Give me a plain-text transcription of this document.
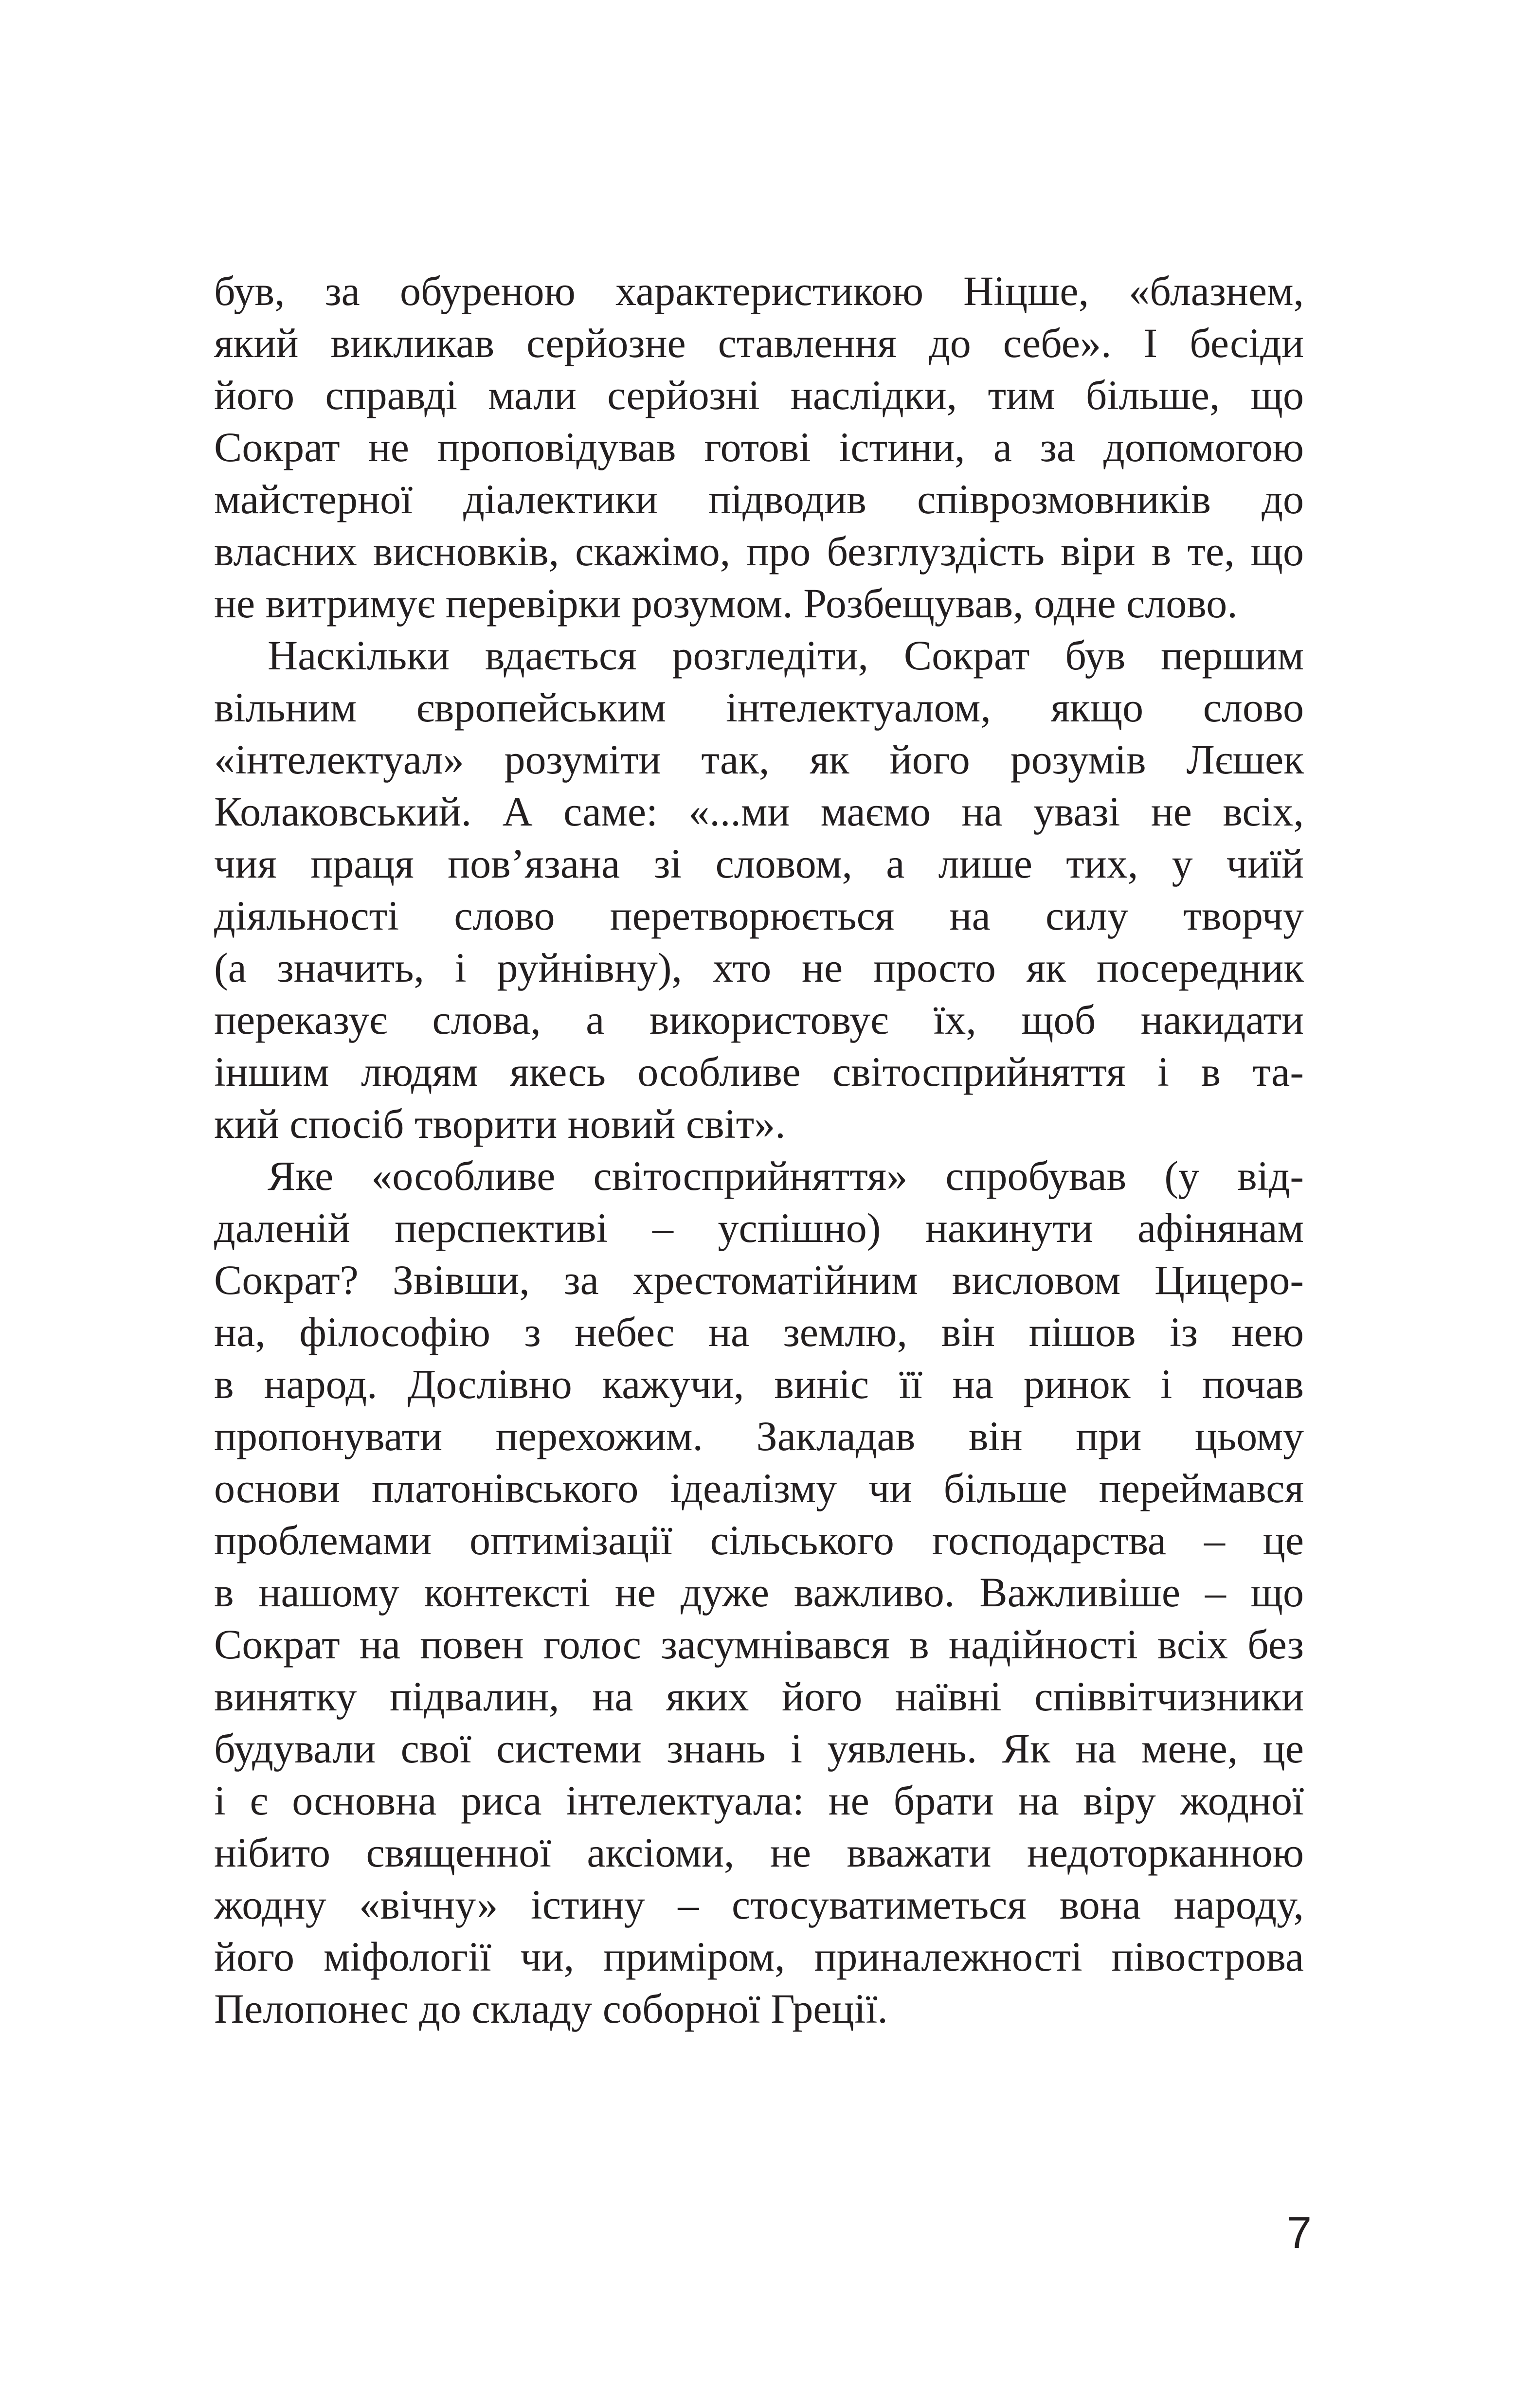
був, за обуреною характеристикою Ніцше, «блазнем,
який викликав серйозне ставлення до себе». І бесіди
його справді мали серйозні наслідки, тим більше, що
Сократ не проповідував готові істини, а за допомогою
майстерної діалектики підводив співрозмовників до
власних висновків, скажімо, про безглуздість віри в те, що
не витримує перевірки розумом. Розбещував, одне слово.
Наскільки вдається розгледіти, Сократ був першим
вільним європейським інтелектуалом, якщо слово
«інтелектуал» розуміти так, як його розумів Лєшек
Колаковський. А саме: «...ми маємо на увазі не всіх,
чия праця пов’язана зі словом, а лише тих, у чиїй
діяльності слово перетворюється на силу творчу
(а значить, і руйнівну), хто не просто як посередник
переказує слова, а використовує їх, щоб накидати
іншим людям якесь особливе світосприйняття і в та-
кий спосіб творити новий світ».
Яке «особливе світосприйняття» спробував (у від-
даленій перспективі – успішно) накинути афінянам
Сократ? Звівши, за хрестоматійним висловом Цицеро-
на, філософію з небес на землю, він пішов із нею
в народ. Дослівно кажучи, виніс її на ринок і почав
пропонувати перехожим. Закладав він при цьому
основи платонівського ідеалізму чи більше переймався
проблемами оптимізації сільського господарства – це
в нашому контексті не дуже важливо. Важливіше – що
Сократ на повен голос засумнівався в надійності всіх без
винятку підвалин, на яких його наївні співвітчизники
будували свої системи знань і уявлень. Як на мене, це
і є основна риса інтелектуала: не брати на віру жодної
нібито священної аксіоми, не вважати недоторканною
жодну «вічну» істину – стосуватиметься вона народу,
його міфології чи, приміром, приналежності півострова
Пелопонес до складу соборної Греції.
7
